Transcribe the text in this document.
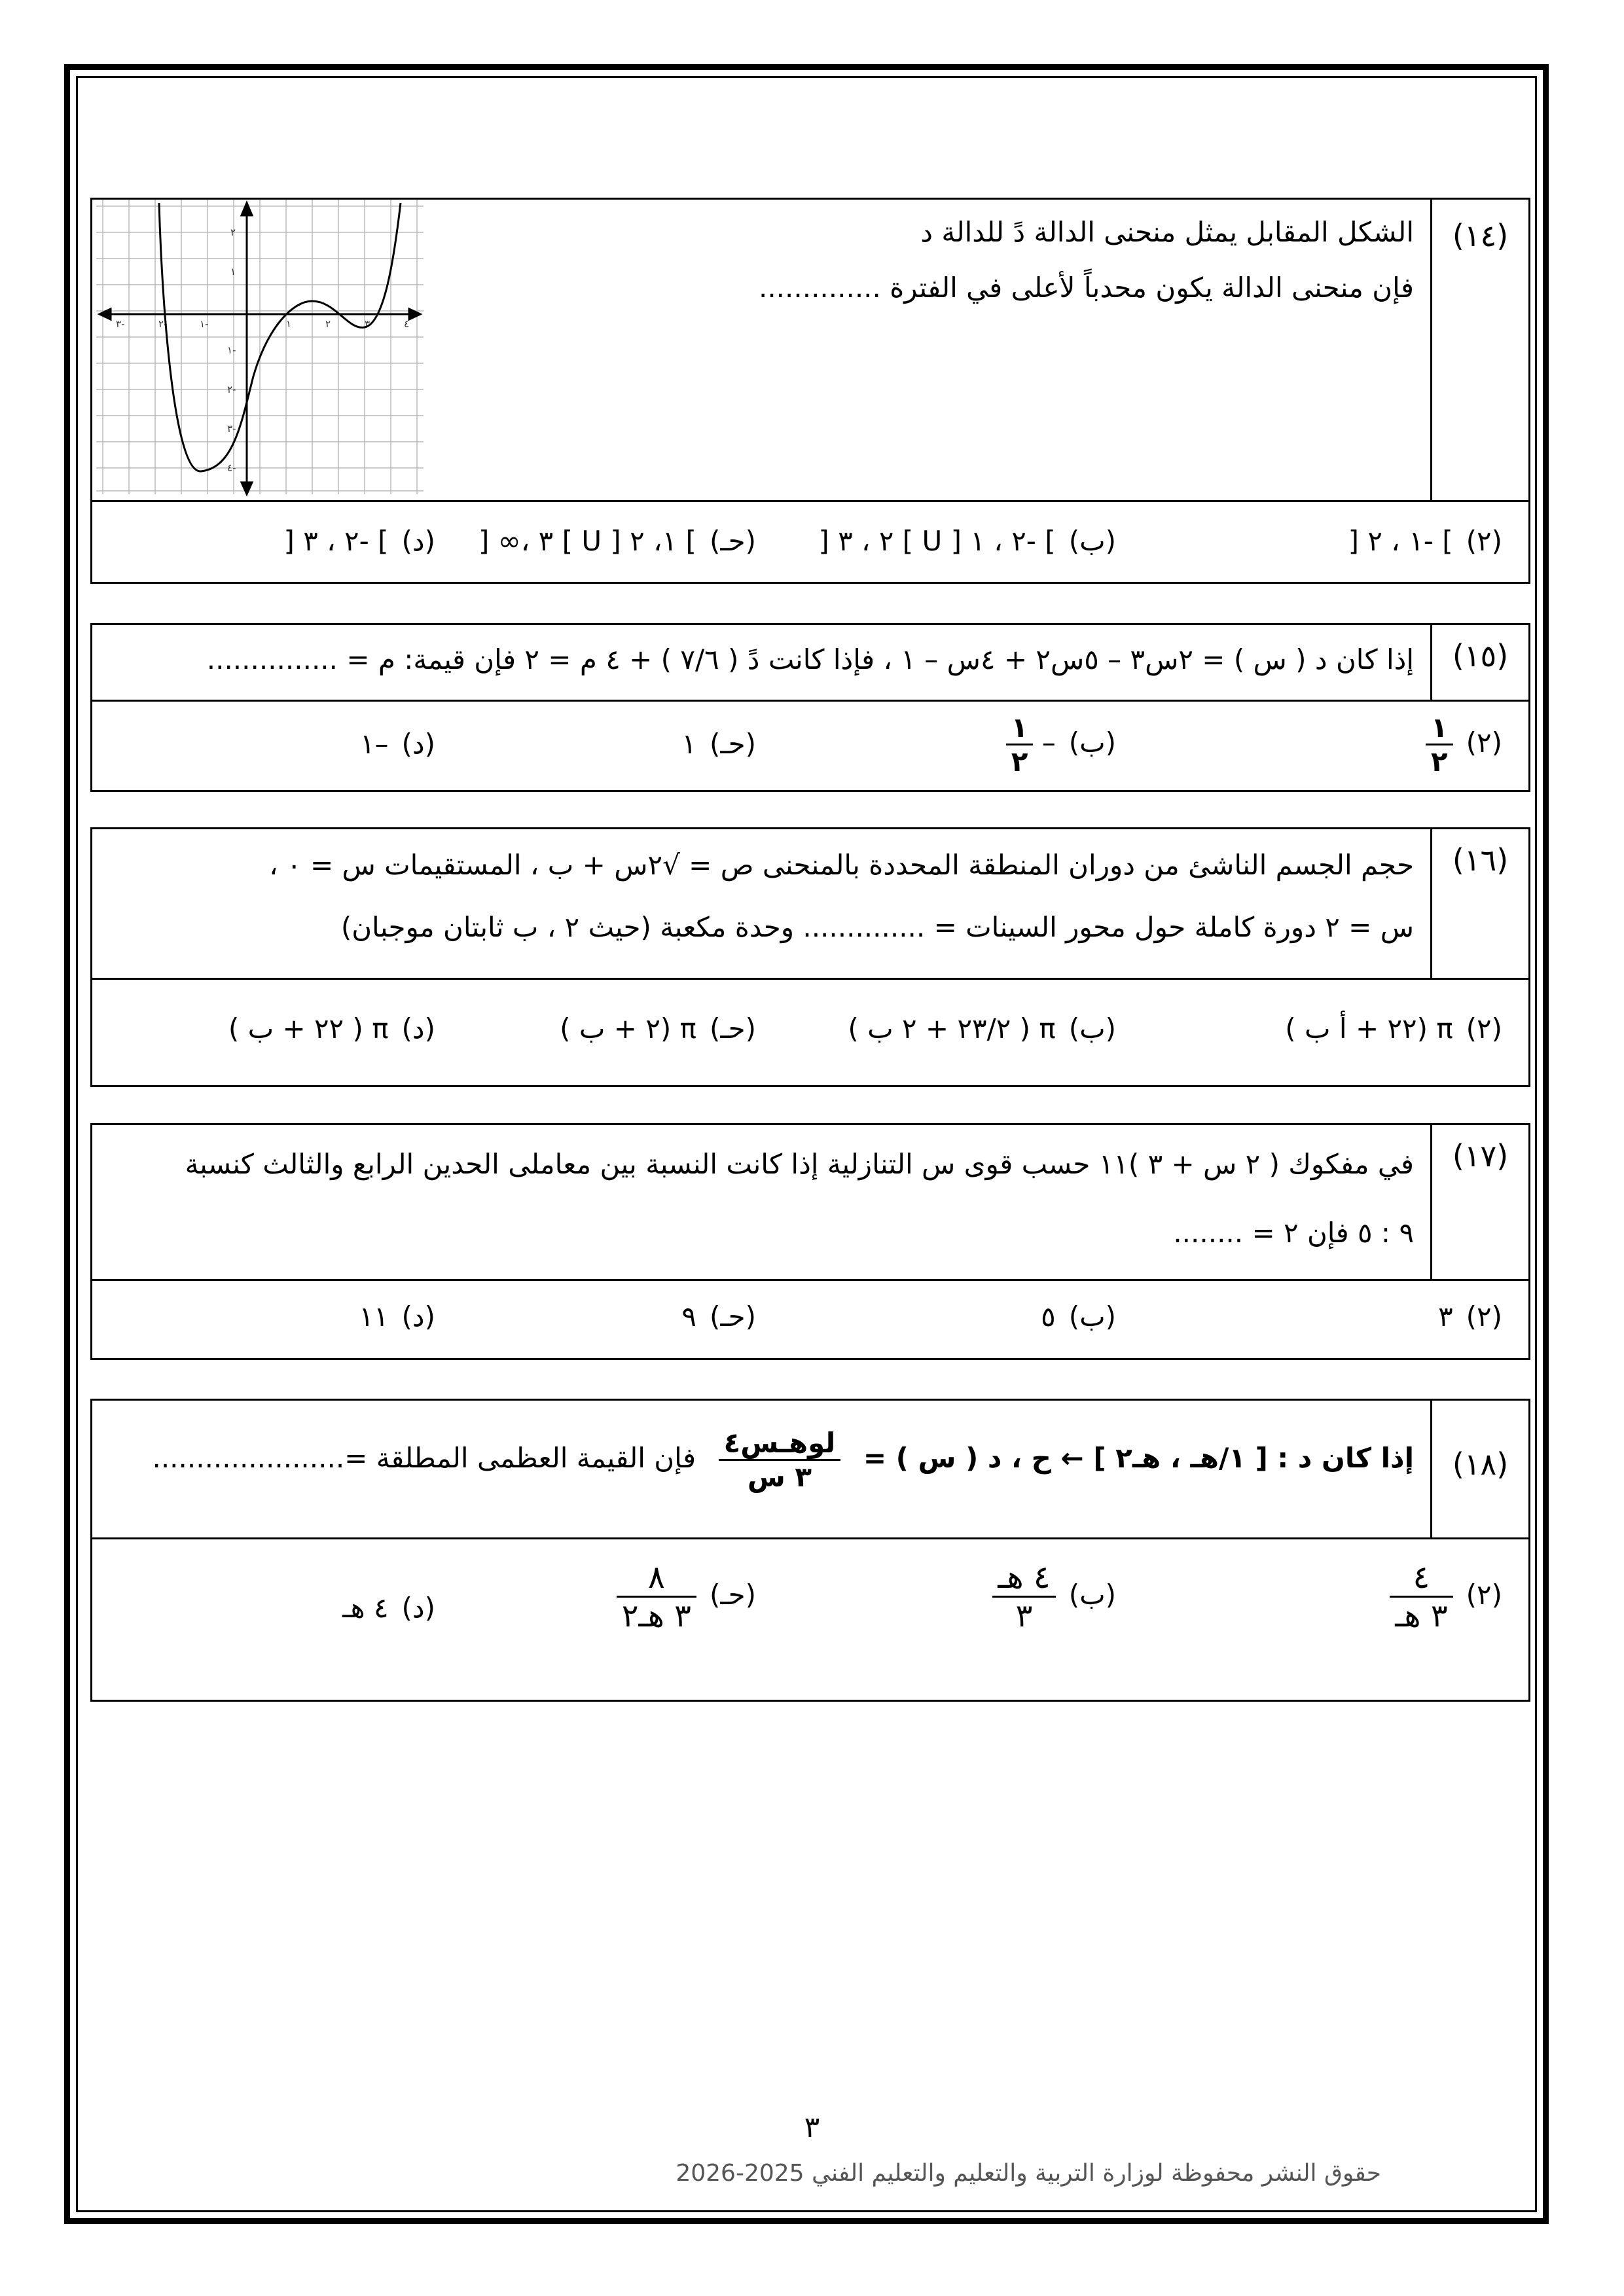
(١٤)
الشكل المقابل يمثل منحنى الدالة دً للدالة د
فإن منحنى الدالة يكون محدباً لأعلى في الفترة ..............
٣-	٢-	١-	١	٢	٣	٤
٢
١
١-
٢-
٣-
٤-
(٢)] -١ ، ٢ [
(ب)] -٢ ، ١ [ U ] ٢ ، ٣ [
(حـ)] ١، ٢ [ U ] ٣ ،∞ [
(د)] -٢ ، ٣ [
(١٥)
إذا كان د ( س ) = ٢س٣ – ٥س٢ + ٤س – ١ ، فإذا كانت دً ( ٧/٦ ) + ٤ م = ٢ فإن قيمة: م = ...............
(٢)
$\frac{١}{٢}$
(ب)–
$\frac{١}{٢}$
(حـ)١
(د)–١
(١٦)
حجم الجسم الناشئ من دوران المنطقة المحددة بالمنحنى ص = √٢س + ب ، المستقيمات س = ٠ ،
س = ٢ دورة كاملة حول محور السينات = .............. وحدة مكعبة (حيث ٢ ، ب ثابتان موجبان)
(٢)π (٢٢ + أ ب )
(ب)π ( ٢٣/٢ + ٢ ب )
(حـ)π (٢ + ب )
(د)π ( ٢٢ + ب )
(١٧)
في مفكوك ( ٢ س + ٣ )١١ حسب قوى س التنازلية إذا كانت النسبة بين معاملى الحدين الرابع والثالث كنسبة
٩ : ٥ فإن ٢ = ........
(٢)٣
(ب)٥
(حـ)٩
(د)١١
(١٨)
إذا كان د : [ ١/هـ ، هـ٢ ] ← ح ، د ( س ) =
$\frac{\text{لوهـس٤}}{\text{٣ س}}$
فإن القيمة العظمى المطلقة =......................
(٢)
$\frac{٤}{\text{٣ هـ}}$
(ب)
$\frac{\text{٤ هـ}}{٣}$
(حـ)
$\frac{٨}{\text{٣ هـ٢}}$
(د)٤ هـ
٣
حقوق النشر محفوظة لوزارة التربية والتعليم والتعليم الفني 2025-2026
